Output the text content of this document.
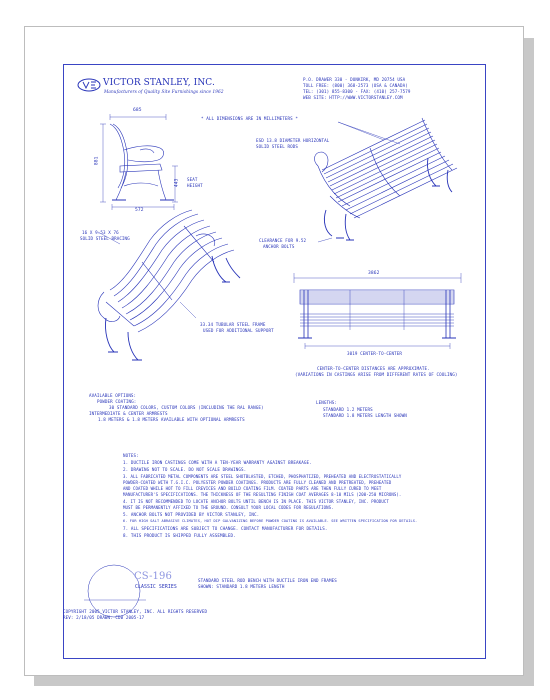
VICTOR STANLEY, INC.
Manufacturers of Quality Site Furnishings since 1962
P.O. DRAWER 330 - DUNKIRK, MD 20754 USA
TOLL FREE: (800) 368-2573 (USA & CANADA)
TEL: (301) 855-8300 - FAX: (410) 257-7579
WEB SITE: HTTP://WWW.VICTORSTANLEY.COM
685
* ALL DIMENSIONS ARE IN MILLIMETERS *
881
443 SEAT
HEIGHT
572
3862
3019 CENTER-TO-CENTER
ESD 13.8 DIAMETER HORIZONTAL
SOLID STEEL RODS
16 X 9.53 X 76
SOLID STEEL BRACING	CLEARANCE FOR 9.52
ANCHOR BOLTS
33.34 TUBULAR STEEL FRAME
USED FOR ADDITIONAL SUPPORT
CENTER-TO-CENTER DISTANCES ARE APPROXIMATE.
(VARIATIONS IN CASTINGS ARISE FROM DIFFERENT RATES OF COOLING)
AVAILABLE OPTIONS:
POWDER COATING:
30 STANDARD COLORS, CUSTOM COLORS (INCLUDING THE RAL RANGE)
INTERMEDIATE & CENTER ARMRESTS
1.8 METERS & 1.8 METERS AVAILABLE WITH OPTIONAL ARMRESTS
LENGTHS:
STANDARD 1.2 METERS
STANDARD 1.8 METERS LENGTH SHOWN
NOTES:
1. DUCTILE IRON CASTINGS COME WITH A TEN-YEAR WARRANTY AGAINST BREAKAGE.
2. DRAWING NOT TO SCALE. DO NOT SCALE DRAWINGS.
3. ALL FABRICATED METAL COMPONENTS ARE STEEL SHOTBLASTED, ETCHED, PHOSPHATIZED, PREHEATED AND ELECTROSTATICALLY
POWDER-COATED WITH T.G.I.C. POLYESTER POWDER COATINGS. PRODUCTS ARE FULLY CLEANED AND PRETREATED, PREHEATED
AND COATED WHILE HOT TO FILL CREVICES AND BUILD COATING FILM. COATED PARTS ARE THEN FULLY CURED TO MEET
MANUFACTURER'S SPECIFICATIONS. THE THICKNESS OF THE RESULTING FINISH COAT AVERAGES 8-10 MILS (200-250 MICRONS).
4. IT IS NOT RECOMMENDED TO LOCATE ANCHOR BOLTS UNTIL BENCH IS IN PLACE. THIS VICTOR STANLEY, INC. PRODUCT
MUST BE PERMANENTLY AFFIXED TO THE GROUND. CONSULT YOUR LOCAL CODES FOR REGULATIONS.
5. ANCHOR BOLTS NOT PROVIDED BY VICTOR STANLEY, INC.
6. FOR HIGH SALT ABRASIVE CLIMATES, HOT DIP GALVANIZING BEFORE POWDER COATING IS AVAILABLE. SEE WRITTEN SPECIFICATION FOR DETAILS.
7. ALL SPECIFICATIONS ARE SUBJECT TO CHANGE. CONTACT MANUFACTURER FOR DETAILS.
8. THIS PRODUCT IS SHIPPED FULLY ASSEMBLED.
CS-196
CLASSIC SERIES
STANDARD STEEL ROD BENCH WITH DUCTILE IRON END FRAMES
SHOWN: STANDARD 1.8 METERS LENGTH
COPYRIGHT 2005 VICTOR STANLEY, INC. ALL RIGHTS RESERVED
REV: 2/18/05 DRAWN: CDB 2005-17
